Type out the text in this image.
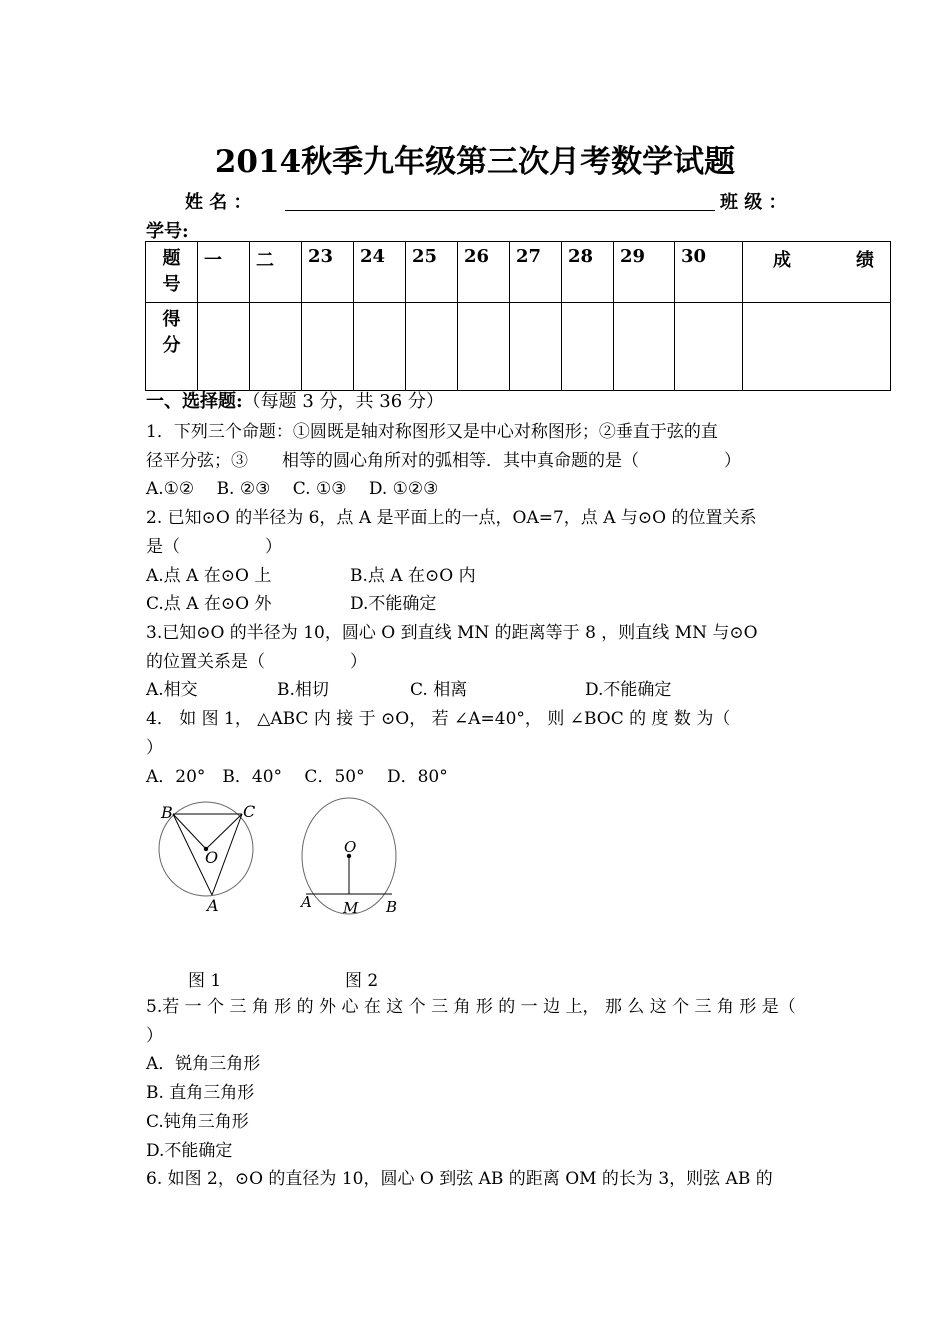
2014秋季九年级第三次月考数学试题
姓 名 ：	班 级 ：
学号:
题号	一	二	23	24	25	26	27	28	29	30	成 绩
得分											
一、选择题:（每题 3 分，共 36 分）
1．下列三个命题：①圆既是轴对称图形又是中心对称图形；②垂直于弦的直
径平分弦；③　　相等的圆心角所对的弧相等．其中真命题的是（　　　　　）
A.①②　 B. ②③　 C. ①③　 D. ①②③
2. 已知⊙O 的半径为 6，点 A 是平面上的一点，OA=7，点 A 与⊙O 的位置关系
是（　　　　　）
A.点 A 在⊙O 上	B.点 A 在⊙O 内
C.点 A 在⊙O 外	D.不能确定
3.已知⊙O 的半径为 10，圆心 O 到直线 MN 的距离等于 8 ，则直线 MN 与⊙O
的位置关系是（　　　　　）
A.相交	B.相切	C. 相离	D.不能确定
4． 如 图 1， △ABC 内 接 于 ⊙O， 若 ∠A=40°， 则 ∠BOC 的 度 数 为（
）
A．20°　B．40°　 C．50°　 D．80°
B	C
O
A
O
A M B
图 1	图 2
5.若 一 个 三 角 形 的 外 心 在 这 个 三 角 形 的 一 边 上， 那 么 这 个 三 角 形 是（
）
A．锐角三角形
B. 直角三角形
C.钝角三角形
D.不能确定
6. 如图 2，⊙O 的直径为 10，圆心 O 到弦 AB 的距离 OM 的长为 3，则弦 AB 的
